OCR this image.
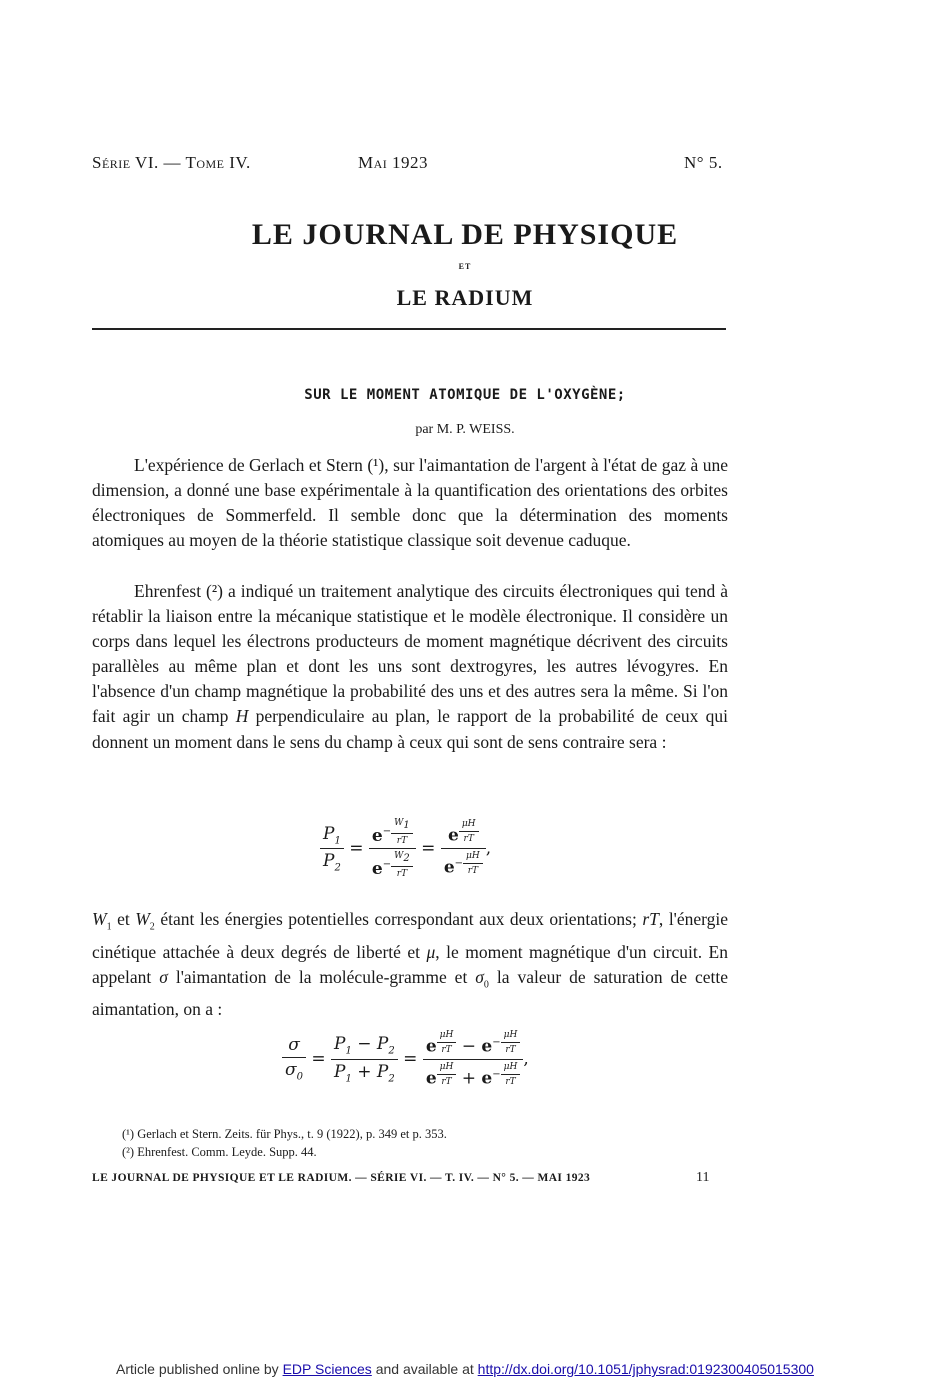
Série VI. — Tome IV.	Mai 1923	N° 5.
LE JOURNAL DE PHYSIQUE
ET
LE RADIUM
SUR LE MOMENT ATOMIQUE DE L'OXYGÈNE;
par M. P. WEISS.

L'expérience de Gerlach et Stern (¹), sur l'aimantation de l'argent à l'état de gaz à une dimension, a donné une base expérimentale à la quantification des orientations des orbites électroniques de Sommerfeld. Il semble donc que la détermination des moments atomiques au moyen de la théorie statistique classique soit devenue caduque.

Ehrenfest (²) a indiqué un traitement analytique des circuits électroniques qui tend à rétablir la liaison entre la mécanique statistique et le modèle électronique. Il considère un corps dans lequel les électrons producteurs de moment magnétique décrivent des circuits parallèles au même plan et dont les uns sont dextrogyres, les autres lévogyres. En l'absence d'un champ magnétique la probabilité des uns et des autres sera la même. Si l'on fait agir un champ H perpendiculaire au plan, le rapport de la probabilité de ceux qui donnent un moment dans le sens du champ à ceux qui sont de sens contraire sera :

$\frac{P_1}{P_2} = e^{- \frac{W_1}{rT}}$
$e^{- \frac{W_2}{rT}} = e$ $^{\frac{\mu H}{rT}}$
$e^{- \frac{\mu H}{rT}}$ ,

$W_1$ et $W_2$ étant les énergies potentielles correspondant aux deux orientations; rT, l'énergie cinétique attachée à deux degrés de liberté et μ, le moment magnétique d'un circuit. En appelant σ l'aimantation de la molécule-gramme et $\sigma_0$ la valeur de saturation de cette aimantation, on a :

$\frac{\sigma}{\sigma_0} = \frac{P_1 - P_2}{P_1 + P_2} = e$ $^{\frac{\mu H}{rT}} - e^{- \frac{\mu H}{rT}}$
e $^{\frac{\mu H}{rT}} + e^{- \frac{\mu H}{rT}}$ ,
(¹) Gerlach et Stern. Zeits. für Phys., t. 9 (1922), p. 349 et p. 353.
(²) Ehrenfest. Comm. Leyde. Supp. 44.
LE JOURNAL DE PHYSIQUE ET LE RADIUM. — SÉRIE VI. — T. IV. — N° 5. — MAI 1923	11
Article published online by EDP Sciences and available at http://dx.doi.org/10.1051/jphysrad:0192300405015300
